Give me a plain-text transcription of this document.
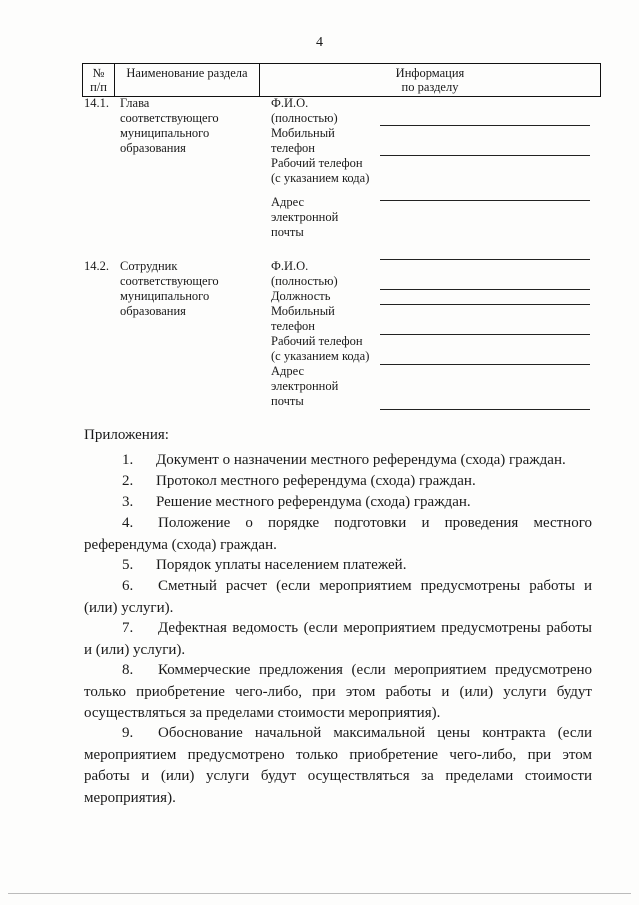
4
№
п/п
Наименование раздела	Информация
по разделу
14.1. Глава
соответствующего
муниципального
образования
Ф.И.О.
(полностью)
Мобильный
телефон
Рабочий телефон
(с указанием кода)
Адрес
электронной
почты
14.2. Сотрудник
соответствующего
муниципального
образования
Ф.И.О.
(полностью)
Должность
Мобильный
телефон
Рабочий телефон
(с указанием кода)
Адрес
электронной
почты
Приложения:
1. Документ о назначении местного референдума (схода) граждан.
2. Протокол местного референдума (схода) граждан.
3. Решение местного референдума (схода) граждан.
4. Положение о порядке подготовки и проведения местного референдума (схода) граждан.
5. Порядок уплаты населением платежей.
6. Сметный расчет (если мероприятием предусмотрены работы и (или) услуги).
7. Дефектная ведомость (если мероприятием предусмотрены работы и (или) услуги).
8. Коммерческие предложения (если мероприятием предусмотрено только приобретение чего-либо, при этом работы и (или) услуги будут осуществляться за пределами стоимости мероприятия).
9. Обоснование начальной максимальной цены контракта (если мероприятием предусмотрено только приобретение чего-либо, при этом работы и (или) услуги будут осуществляться за пределами стоимости мероприятия).
